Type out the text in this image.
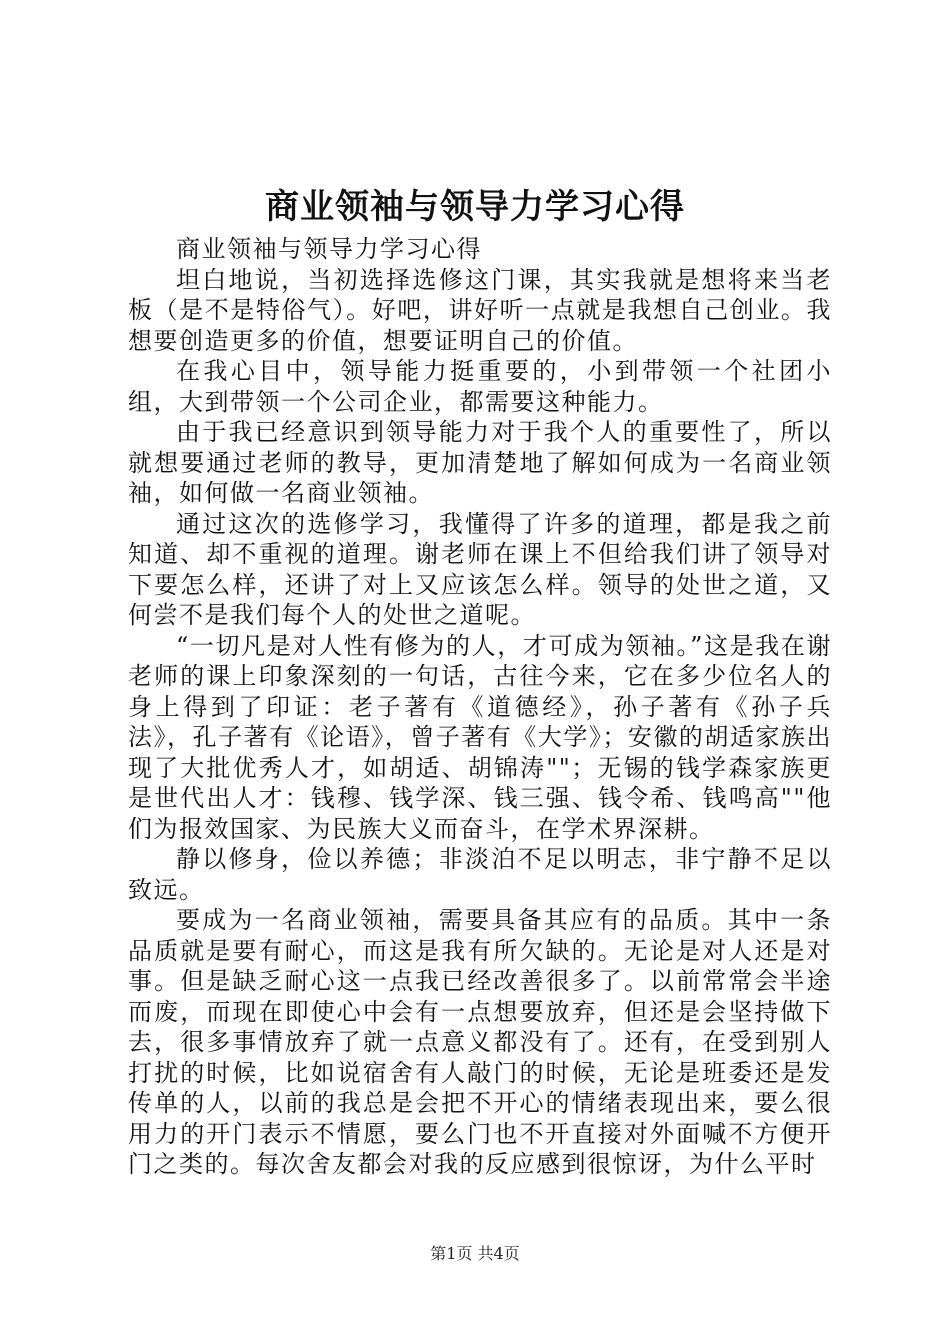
商业领袖与领导力学习心得

商业领袖与领导力学习心得

坦白地说，当初选择选修这门课，其实我就是想将来当老板（是不是特俗气）。好吧，讲好听一点就是我想自己创业。我想要创造更多的价值，想要证明自己的价值。

在我心目中，领导能力挺重要的，小到带领一个社团小组，大到带领一个公司企业，都需要这种能力。

由于我已经意识到领导能力对于我个人的重要性了，所以就想要通过老师的教导，更加清楚地了解如何成为一名商业领袖，如何做一名商业领袖。

通过这次的选修学习，我懂得了许多的道理，都是我之前知道、却不重视的道理。谢老师在课上不但给我们讲了领导对下要怎么样，还讲了对上又应该怎么样。领导的处世之道，又何尝不是我们每个人的处世之道呢。

“一切凡是对人性有修为的人，才可成为领袖。”这是我在谢老师的课上印象深刻的一句话，古往今来，它在多少位名人的身上得到了印证：老子著有《道德经》，孙子著有《孙子兵法》，孔子著有《论语》，曾子著有《大学》；安徽的胡适家族出现了大批优秀人才，如胡适、胡锦涛""；无锡的钱学森家族更是世代出人才：钱穆、钱学深、钱三强、钱令希、钱鸣高""他们为报效国家、为民族大义而奋斗，在学术界深耕。

静以修身，俭以养德；非淡泊不足以明志，非宁静不足以致远。

要成为一名商业领袖，需要具备其应有的品质。其中一条品质就是要有耐心，而这是我有所欠缺的。无论是对人还是对事。但是缺乏耐心这一点我已经改善很多了。以前常常会半途而废，而现在即使心中会有一点想要放弃，但还是会坚持做下去，很多事情放弃了就一点意义都没有了。还有，在受到别人打扰的时候，比如说宿舍有人敲门的时候，无论是班委还是发传单的人，以前的我总是会把不开心的情绪表现出来，要么很用力的开门表示不情愿，要么门也不开直接对外面喊不方便开门之类的。每次舍友都会对我的反应感到很惊讶，为什么平时

第1页 共4页
